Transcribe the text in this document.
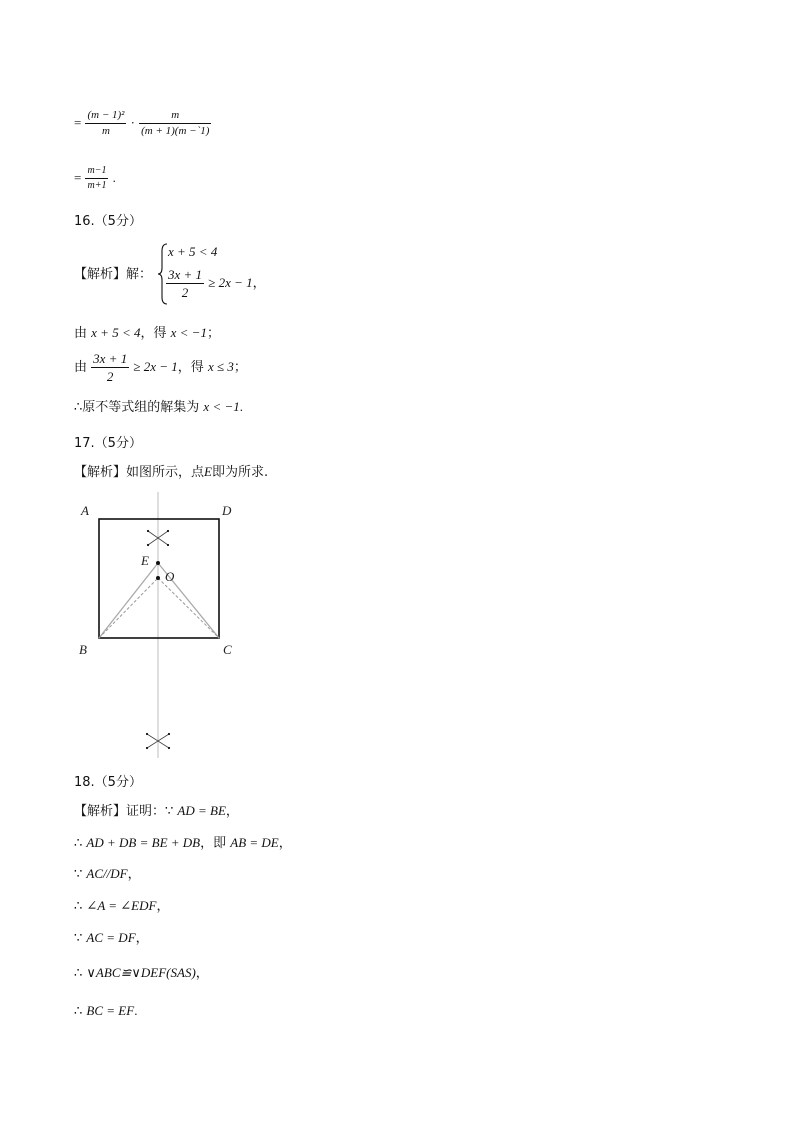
= $\frac{\text{(m − 1)²}}{m} \cdot \frac{m}{(m + 1)(m -`1)}$
= $\frac{m-1}{m+1}$ .
16.（5分）
【解析】解：
x + 5 < 4
$\frac{3x + 1}{2} \ge 2x - 1$，
由 x + 5 < 4，得 x < −1；
由 $\frac{3x + 1}{2} \ge 2x - 1$，得 x ≤ 3；
∴原不等式组的解集为 x < −1.
17.（5分）
【解析】如图所示，点E即为所求.
A	D
B	C
E
O
18.（5分）
【解析】证明：∵ AD = BE，
∴ AD + DB = BE + DB，即 AB = DE，
∵ AC//DF，
∴ ∠A = ∠EDF，
∵ AC = DF，
∴ ∨ABC≌∨DEF(SAS)，
∴ BC = EF.
